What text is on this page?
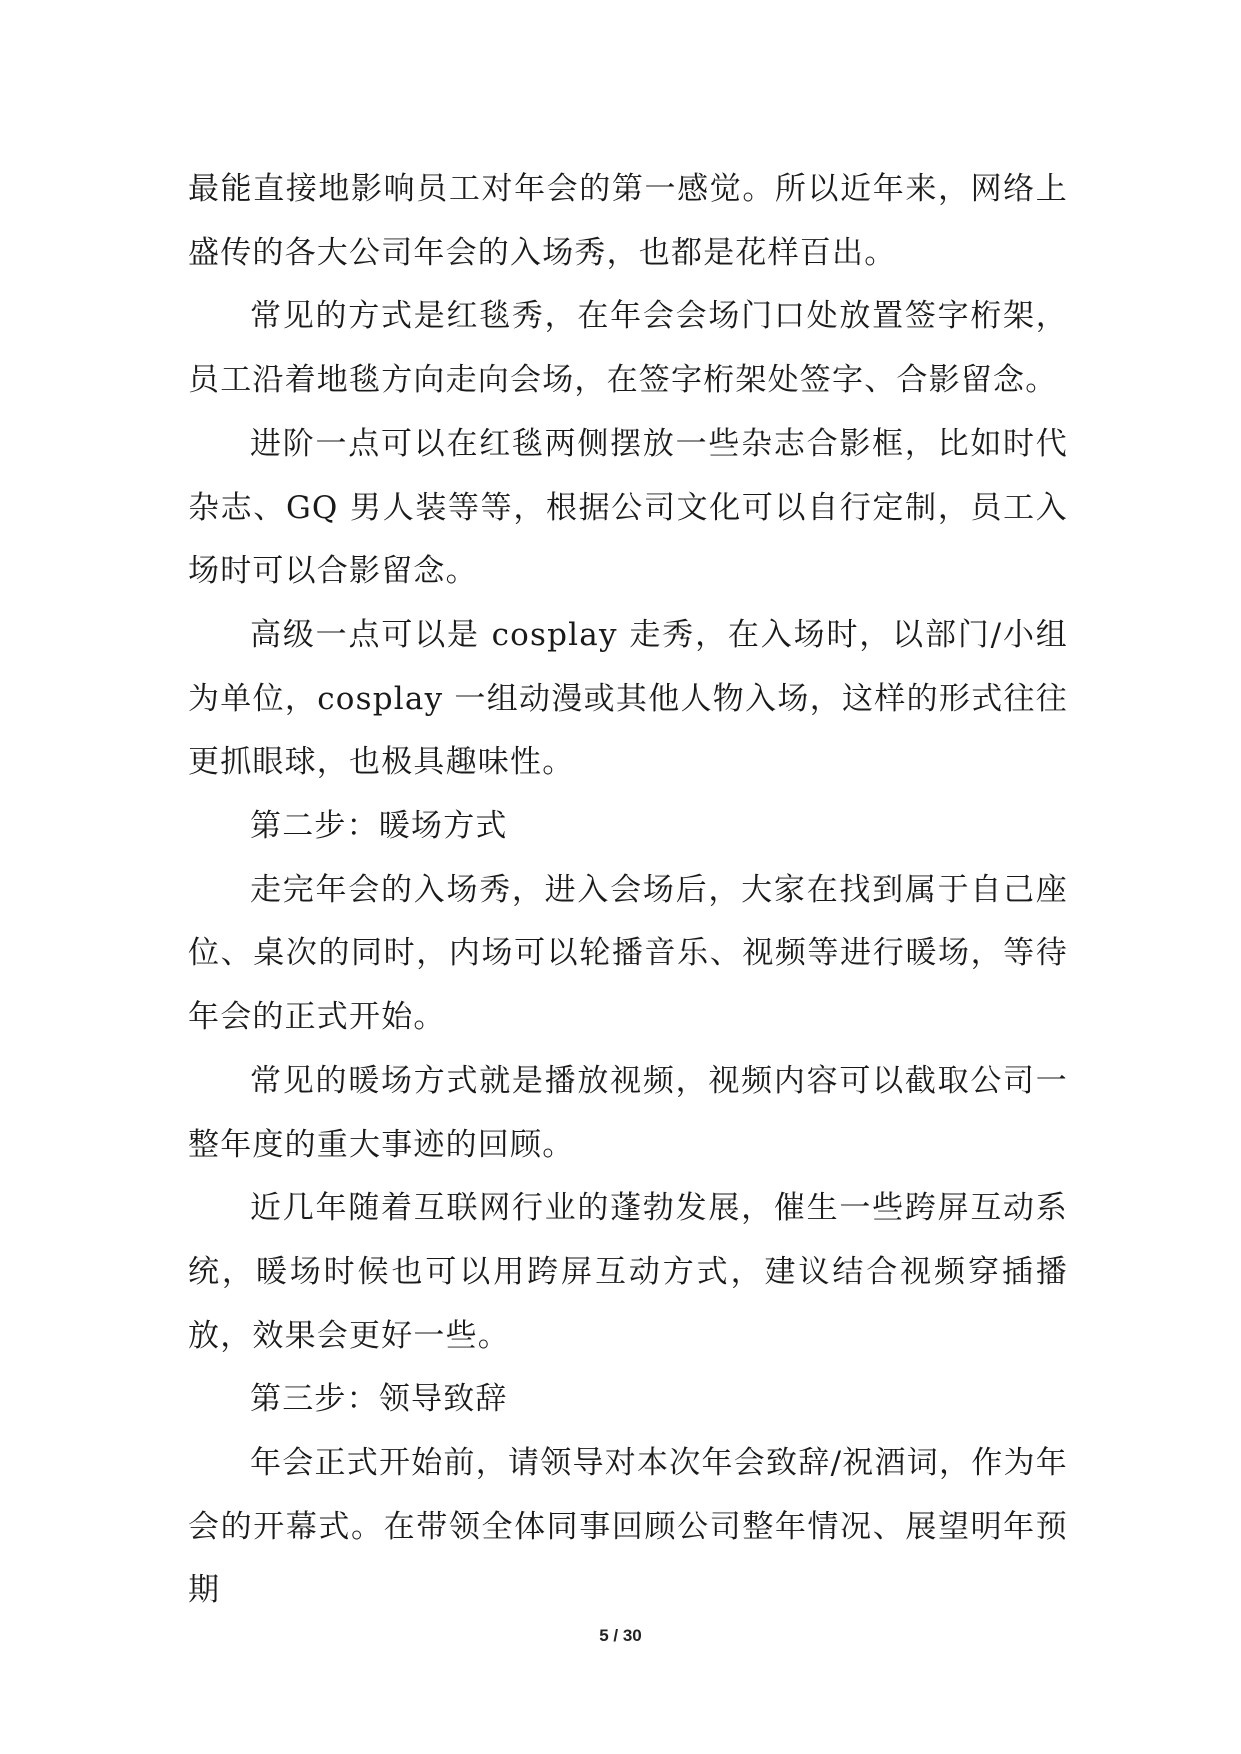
最能直接地影响员工对年会的第一感觉。所以近年来，网络上盛传的各大公司年会的入场秀，也都是花样百出。

常见的方式是红毯秀，在年会会场门口处放置签字桁架，员工沿着地毯方向走向会场，在签字桁架处签字、合影留念。

进阶一点可以在红毯两侧摆放一些杂志合影框，比如时代杂志、GQ 男人装等等，根据公司文化可以自行定制，员工入场时可以合影留念。

高级一点可以是 cosplay 走秀，在入场时，以部门/小组为单位，cosplay 一组动漫或其他人物入场，这样的形式往往更抓眼球，也极具趣味性。

第二步：暖场方式

走完年会的入场秀，进入会场后，大家在找到属于自己座位、桌次的同时，内场可以轮播音乐、视频等进行暖场，等待年会的正式开始。

常见的暖场方式就是播放视频，视频内容可以截取公司一整年度的重大事迹的回顾。

近几年随着互联网行业的蓬勃发展，催生一些跨屏互动系统，暖场时候也可以用跨屏互动方式，建议结合视频穿插播放，效果会更好一些。

第三步：领导致辞

年会正式开始前，请领导对本次年会致辞/祝酒词，作为年会的开幕式。在带领全体同事回顾公司整年情况、展望明年预期

5 / 30
